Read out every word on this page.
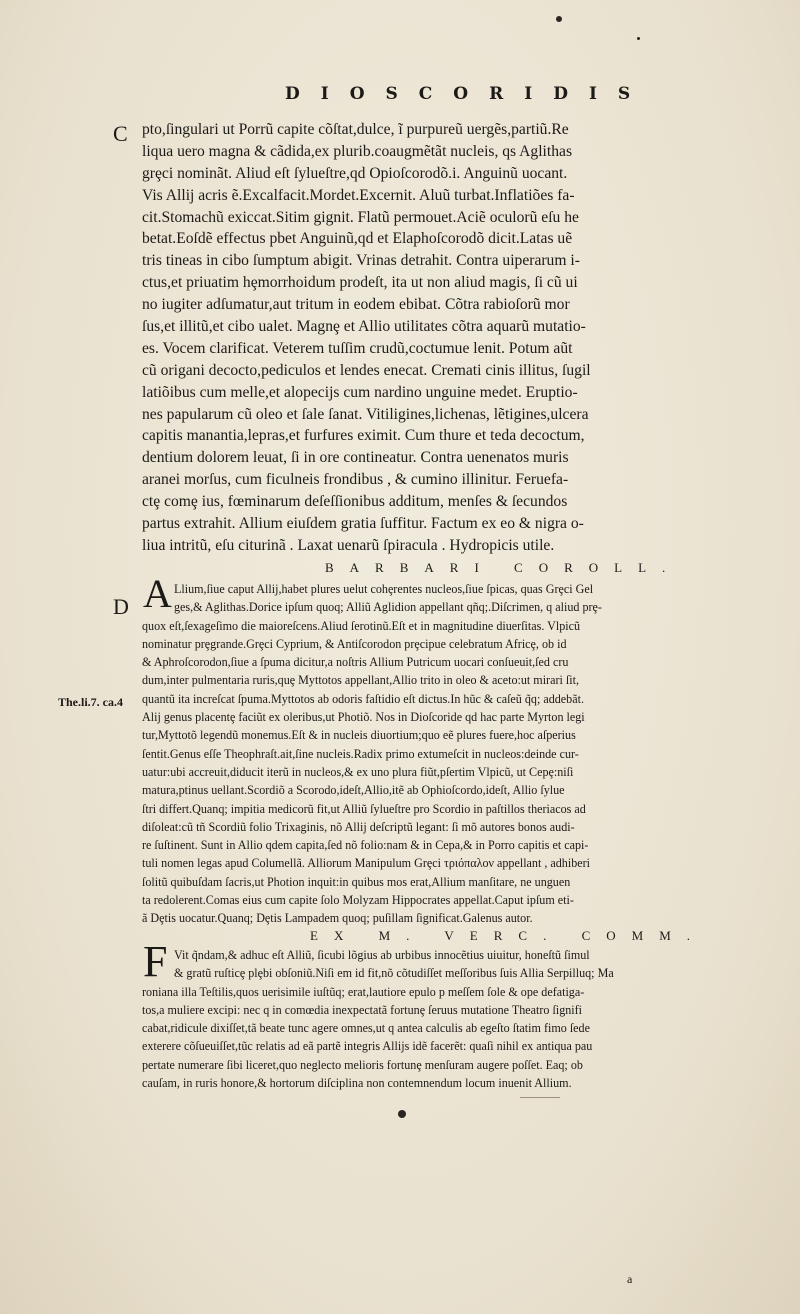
DIOSCORIDIS
C
D
The.li.7. ca.4
pto,ſingulari ut Porrũ capite cõſtat,dulce, ĩ purpureũ uergẽs,partiũ.Re
liqua uero magna & cãdida,ex plurib.coaugmẽtãt nucleis, qs Aglithas
grȩci nominãt. Aliud eſt ſylueſtre,qd Opioſcorodõ.i. Anguinũ uocant.
Vis Allij acris ẽ.Excalfacit.Mordet.Excernit. Aluũ turbat.Inflatiões fa-
cit.Stomachũ exiccat.Sitim gignit. Flatũ permouet.Aciẽ oculorũ eſu he
betat.Eoſdẽ effectus pbet Anguinũ,qd et Elaphoſcorodõ dicit.Latas uẽ
tris tineas in cibo ſumptum abigit. Vrinas detrahit. Contra uiperarum i-
ctus,et priuatim hȩmorrhoidum prodeſt, ita ut non aliud magis, ſi cũ ui
no iugiter adſumatur,aut tritum in eodem ebibat. Cõtra rabioſorũ mor
ſus,et illitũ,et cibo ualet. Magnȩ et Allio utilitates cõtra aquarũ mutatio-
es. Vocem clarificat. Veterem tuſſim crudũ,coctumue lenit. Potum aũt
cũ origani decocto,pediculos et lendes enecat. Cremati cinis illitus, ſugil
latiõibus cum melle,et alopecijs cum nardino unguine medet. Eruptio-
nes papularum cũ oleo et ſale ſanat. Vitiligines,lichenas, lẽtigines,ulcera
capitis manantia,lepras,et furfures eximit. Cum thure et teda decoctum,
dentium dolorem leuat, ſi in ore contineatur. Contra uenenatos muris
aranei morſus, cum ficulneis frondibus , & cumino illinitur. Feruefa-
ctȩ comȩ ius, fœminarum deſeſſionibus additum, menſes & ſecundos
partus extrahit. Allium eiuſdem gratia ſuffitur. Factum ex eo & nigra o-
liua intritũ, eſu citurinã . Laxat uenarũ ſpiracula . Hydropicis utile.
BARBARI COROLL.
A Llium,ſiue caput Allij,habet plures uelut cohȩrentes nucleos,ſiue ſpicas, quas Grȩci Gel
ges,& Aglithas.Dorice ipſum quoq; Alliũ Aglidion appellant qñq;.Diſcrimen, q aliud prȩ-
quox eſt,ſexageſimo die maioreſcens.Aliud ſerotinũ.Eſt et in magnitudine diuerſitas. Vlpicũ
nominatur prȩgrande.Grȩci Cyprium, & Antiſcorodon prȩcipue celebratum Africȩ, ob id
& Aphroſcorodon,ſiue a ſpuma dicitur,a noſtris Allium Putricum uocari conſueuit,ſed cru
dum,inter pulmentaria ruris,quȩ Myttotos appellant,Allio trito in oleo & aceto:ut mirari ſit,
quantũ ita increſcat ſpuma.Myttotos ab odoris faſtidio eſt dictus.In hũc & caſeũ q̃q; addebãt.
Alij genus placentȩ faciũt ex oleribus,ut Photiõ. Nos in Dioſcoride qd hac parte Myrton legi
tur,Myttotõ legendũ monemus.Eſt & in nucleis diuortium;quo eẽ plures fuere,hoc aſperius
ſentit.Genus eſſe Theophraſt.ait,ſine nucleis.Radix primo extumeſcit in nucleos:deinde cur-
uatur:ubi accreuit,diducit iterũ in nucleos,& ex uno plura fiũt,pſertim Vlpicũ, ut Cepȩ:niſi
matura,ptinus uellant.Scordiõ a Scorodo,ideſt,Allio,itẽ ab Ophioſcordo,ideſt, Allio ſylue
ſtri differt.Quanq; impitia medicorũ fit,ut Alliũ ſylueſtre pro Scordio in paſtillos theriacos ad
diſoleat:cũ tñ Scordiũ folio Trixaginis, nõ Allij deſcriptũ legant: ſi mõ autores bonos audi-
re ſuſtinent. Sunt in Allio qdem capita,ſed nõ folio:nam & in Cepa,& in Porro capitis et capi-
tuli nomen legas apud Columellã. Alliorum Manipulum Grȩci τριόπαλον appellant , adhiberi
ſolitũ quibuſdam ſacris,ut Photion inquit:in quibus mos erat,Allium manſitare, ne unguen
ta redolerent.Comas eius cum capite ſolo Molyzam Hippocrates appellat.Caput ipſum eti-
ã Dȩtis uocatur.Quanq; Dȩtis Lampadem quoq; puſillam ſignificat.Galenus autor.
EX M. VERC. COMM.
F Vit q̃ndam,& adhuc eſt Alliũ, ſicubi lõgius ab urbibus innocẽtius uiuitur, honeſtũ ſimul
& gratũ ruſticȩ plȩbi obſoniũ.Niſi em id fit,nõ cõtudiſſet meſſoribus ſuis Allia Serpilluq; Ma
roniana illa Teſtilis,quos uerisimile iuſtũq; erat,lautiore epulo p meſſem ſole & ope defatiga-
tos,a muliere excipi: nec q in comœdia inexpectatã fortunȩ ſeruus mutatione Theatro ſignifi
cabat,ridicule dixiſſet,tã beate tunc agere omnes,ut q antea calculis ab egeſto ſtatim fimo ſede
exterere cõſueuiſſet,tũc relatis ad eã partẽ integris Allijs idẽ facerẽt: quaſi nihil ex antiqua pau
pertate numerare ſibi liceret,quo neglecto melioris fortunȩ menſuram augere poſſet. Eaq; ob
cauſam, in ruris honore,& hortorum diſciplina non contemnendum locum inuenit Allium.
a
